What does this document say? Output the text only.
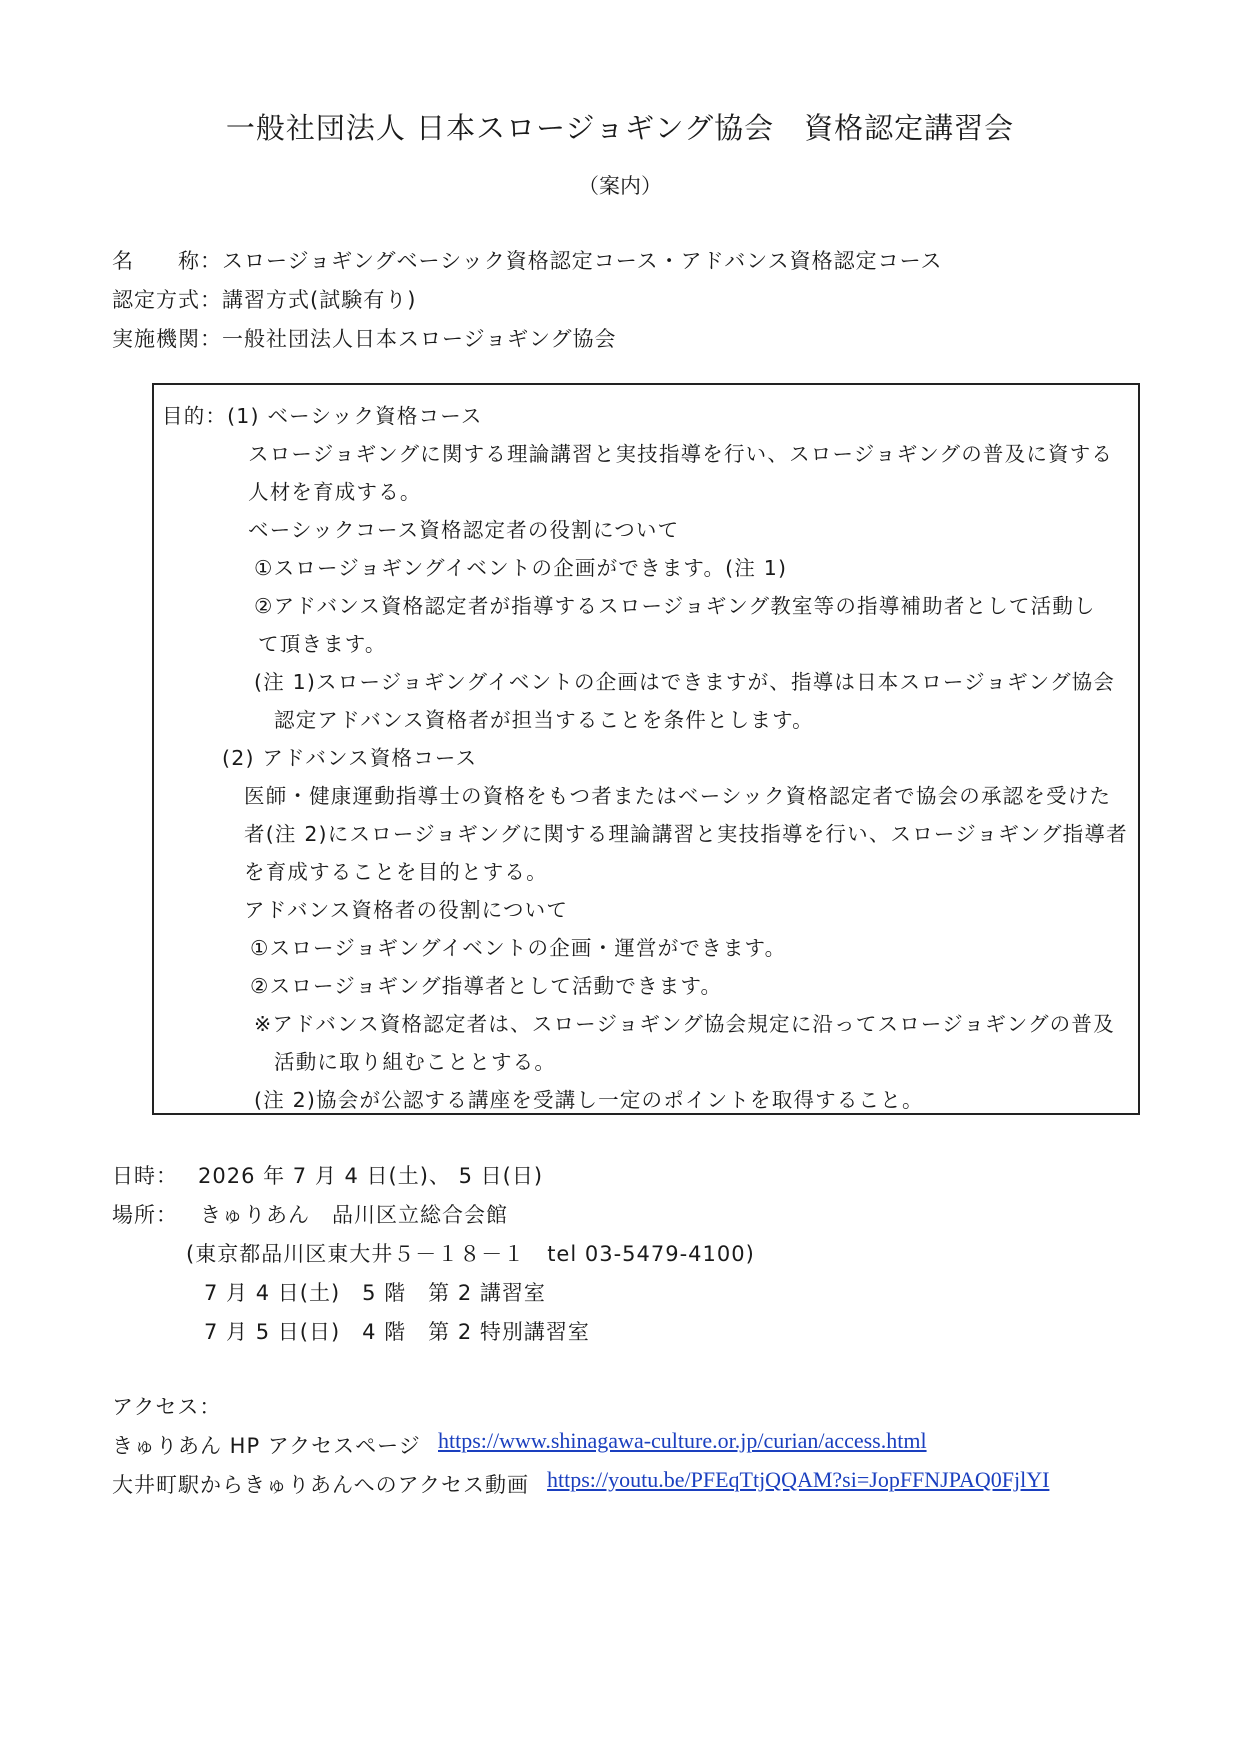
一般社団法人 日本スロージョギング協会　資格認定講習会
（案内）
名　　称：スロージョギングベーシック資格認定コース・アドバンス資格認定コース
認定方式：講習方式(試験有り)
実施機関：一般社団法人日本スロージョギング協会
目的：(1) ベーシック資格コース
スロージョギングに関する理論講習と実技指導を行い、スロージョギングの普及に資する
人材を育成する。
ベーシックコース資格認定者の役割について
①スロージョギングイベントの企画ができます。(注 1)
②アドバンス資格認定者が指導するスロージョギング教室等の指導補助者として活動し
て頂きます。
(注 1)スロージョギングイベントの企画はできますが、指導は日本スロージョギング協会
認定アドバンス資格者が担当することを条件とします。
(2) アドバンス資格コース
医師・健康運動指導士の資格をもつ者またはベーシック資格認定者で協会の承認を受けた
者(注 2)にスロージョギングに関する理論講習と実技指導を行い、スロージョギング指導者
を育成することを目的とする。
アドバンス資格者の役割について
①スロージョギングイベントの企画・運営ができます。
②スロージョギング指導者として活動できます。
※アドバンス資格認定者は、スロージョギング協会規定に沿ってスロージョギングの普及
活動に取り組むこととする。
(注 2)協会が公認する講座を受講し一定のポイントを取得すること。
日時： 2026 年 7 月 4 日(土)、 5 日(日)
場所： きゅりあん　品川区立総合会館
(東京都品川区東大井５－１８－１　tel 03-5479-4100)
7 月 4 日(土)　5 階　第 2 講習室
7 月 5 日(日)　4 階　第 2 特別講習室
アクセス：
きゅりあん HP アクセスページ https://www.shinagawa-culture.or.jp/curian/access.html
大井町駅からきゅりあんへのアクセス動画 https://youtu.be/PFEqTtjQQAM?si=JopFFNJPAQ0FjlYI
